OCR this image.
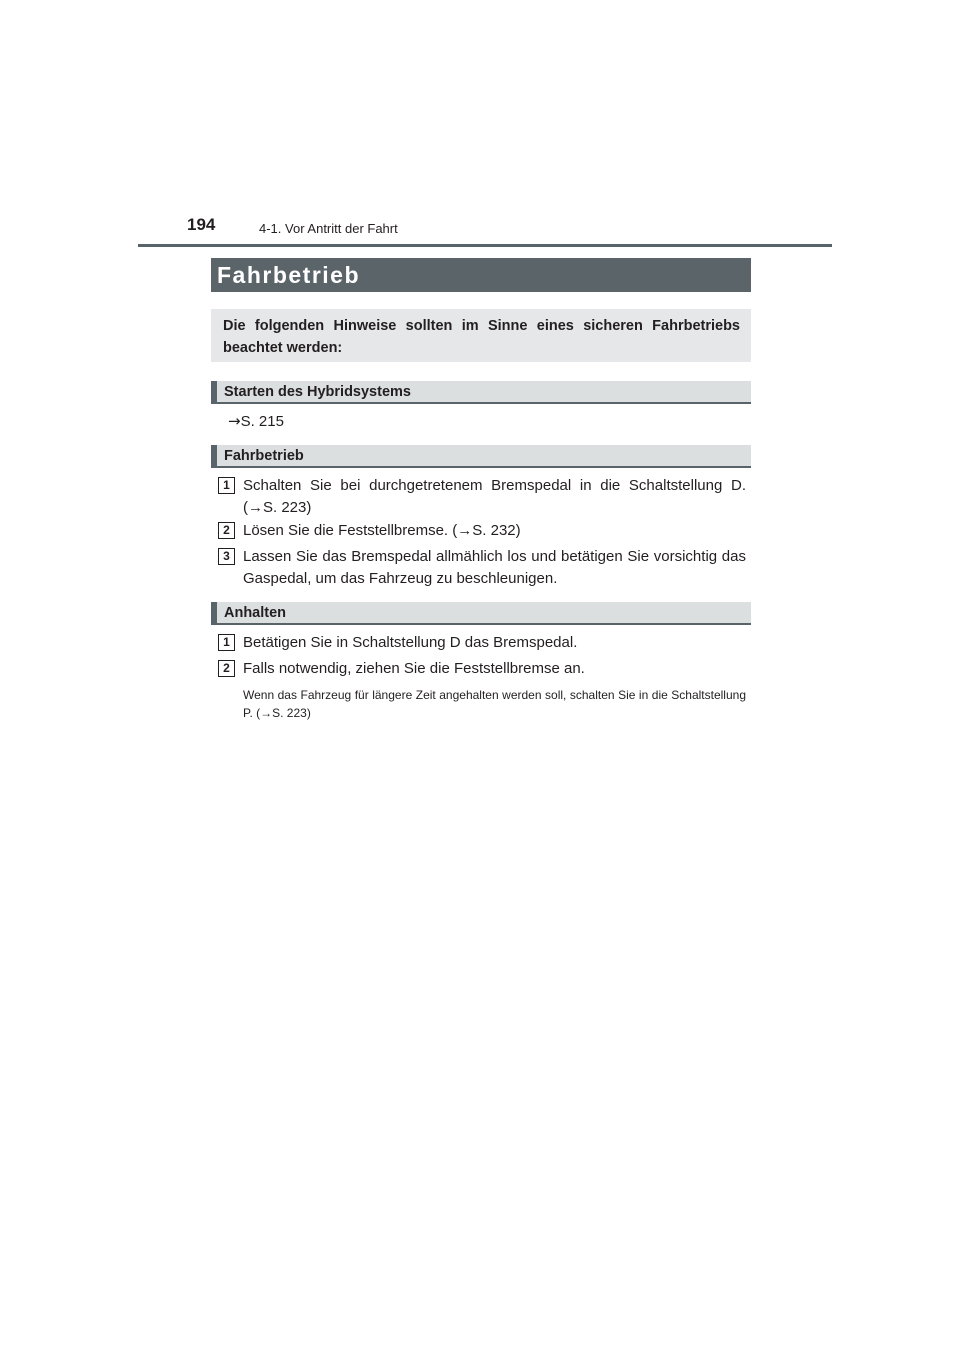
194	4-1. Vor Antritt der Fahrt
Fahrbetrieb
Die folgenden Hinweise sollten im Sinne eines sicheren Fahrbetriebs beachtet werden:
Starten des Hybridsystems
→S. 215
Fahrbetrieb
1 Schalten Sie bei durchgetretenem Bremspedal in die Schaltstellung D. (→S. 223)
2 Lösen Sie die Feststellbremse. (→S. 232)
3 Lassen Sie das Bremspedal allmählich los und betätigen Sie vorsichtig das Gaspedal, um das Fahrzeug zu beschleunigen.
Anhalten
1 Betätigen Sie in Schaltstellung D das Bremspedal.
2 Falls notwendig, ziehen Sie die Feststellbremse an.
Wenn das Fahrzeug für längere Zeit angehalten werden soll, schalten Sie in die Schaltstellung P. (→S. 223)
